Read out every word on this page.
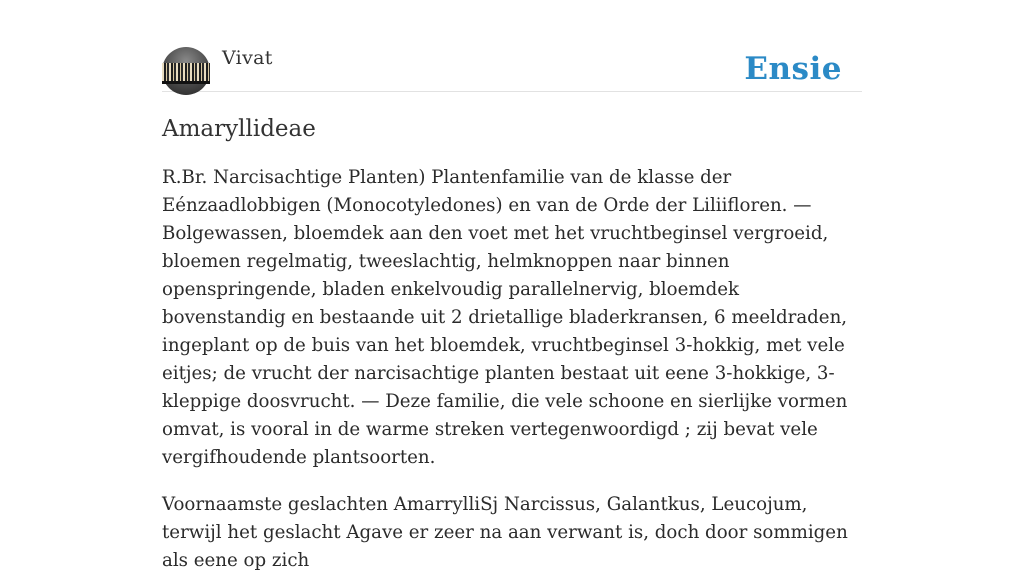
Vivat	Ensie
Amaryllideae

R.Br. Narcisachtige Planten) Plantenfamilie van de klasse der Eénzaadlobbigen (Monocotyledones) en van de Orde der Liliifloren. — Bolgewassen, bloemdek aan den voet met het vruchtbeginsel vergroeid, bloemen regelmatig, tweeslachtig, helmknoppen naar binnen openspringende, bladen enkelvoudig parallelnervig, bloemdek bovenstandig en bestaande uit 2 drietallige bladerkransen, 6 meeldraden, ingeplant op de buis van het bloemdek, vruchtbeginsel 3-hokkig, met vele eitjes; de vrucht der narcisachtige planten bestaat uit eene 3-hokkige, 3-kleppige doosvrucht. — Deze familie, die vele schoone en sierlijke vormen omvat, is vooral in de warme streken vertegenwoordigd ; zij bevat vele vergifhoudende plantsoorten.

Voornaamste geslachten AmarrylliSj Narcissus, Galantkus, Leucojum, terwijl het geslacht Agave er zeer na aan verwant is, doch door sommigen als eene op zich
